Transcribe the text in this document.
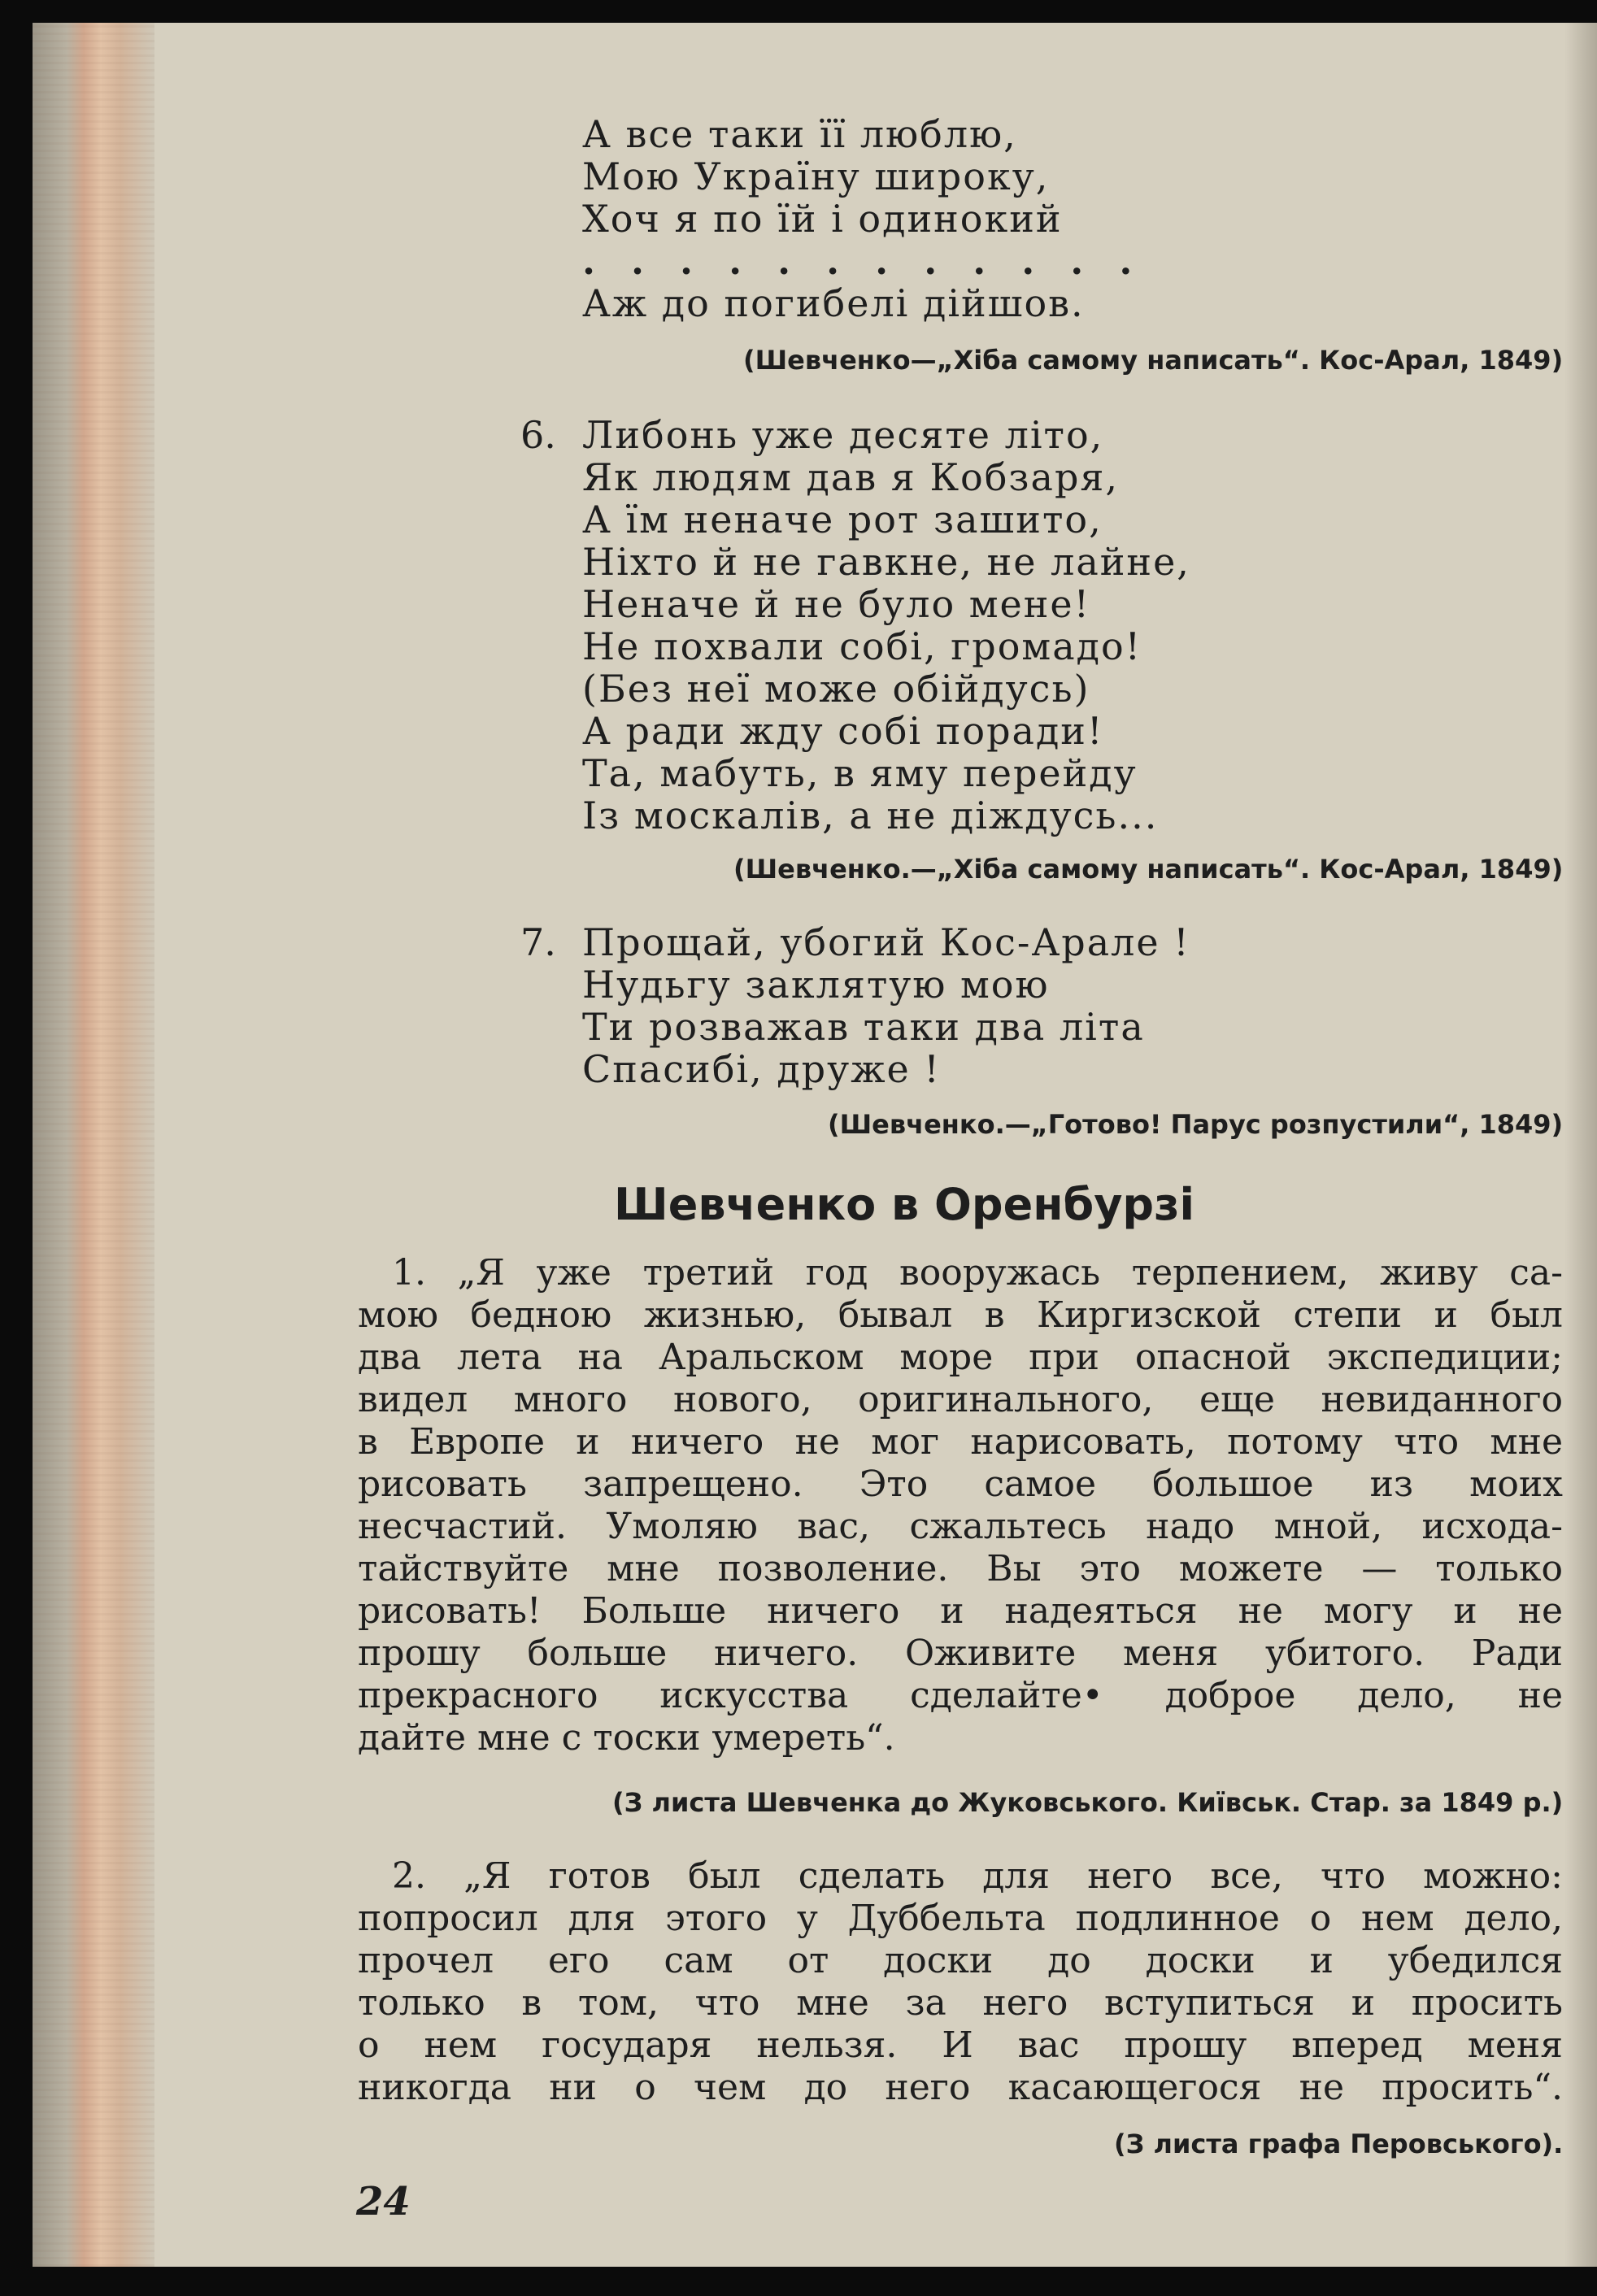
А все таки її люблю,
Мою Україну широку,
Хоч я по їй і одинокий
. . . . . . . . . . . .
Аж до погибелі дійшов.
(Шевченко—„Хіба самому написать“. Кос-Арал, 1849)
6. Либонь уже десяте літо,
Як людям дав я Кобзаря,
А їм неначе рот зашито,
Ніхто й не гавкне, не лайне,
Неначе й не було мене!
Не похвали собі, громадо!
(Без неї може обійдусь)
А ради жду собі поради!
Та, мабуть, в яму перейду
Із москалів, а не діждусь...
(Шевченко.—„Хіба самому написать“. Кос-Арал, 1849)
7. Прощай, убогий Кос-Арале !
Нудьгу заклятую мою
Ти розважав таки два літа
Спасибі, друже !
(Шевченко.—„Готово! Парус розпустили“, 1849)
Шевченко в Оренбурзі
1. „Я уже третий год вооружась терпением, живу са-
мою бедною жизнью, бывал в Киргизской степи и был
два лета на Аральском море при опасной экспедиции;
видел много нового, оригинального, еще невиданного
в Европе и ничего не мог нарисовать, потому что мне
рисовать запрещено. Это самое большое из моих
несчастий. Умоляю вас, сжальтесь надо мной, исхода-
тайствуйте мне позволение. Вы это можете — только
рисовать! Больше ничего и надеяться не могу и не
прошу больше ничего. Оживите меня убитого. Ради
прекрасного искусства сделайте• доброе дело, не
дайте мне с тоски умереть“.
(З листа Шевченка до Жуковського. Київськ. Стар. за 1849 р.)
2. „Я готов был сделать для него все, что можно:
попросил для этого у Дуббельта подлинное о нем дело,
прочел его сам от доски до доски и убедился
только в том, что мне за него вступиться и просить
о нем государя нельзя. И вас прошу вперед меня
никогда ни о чем до него касающегося не просить“.
(З листа графа Перовського).
24
